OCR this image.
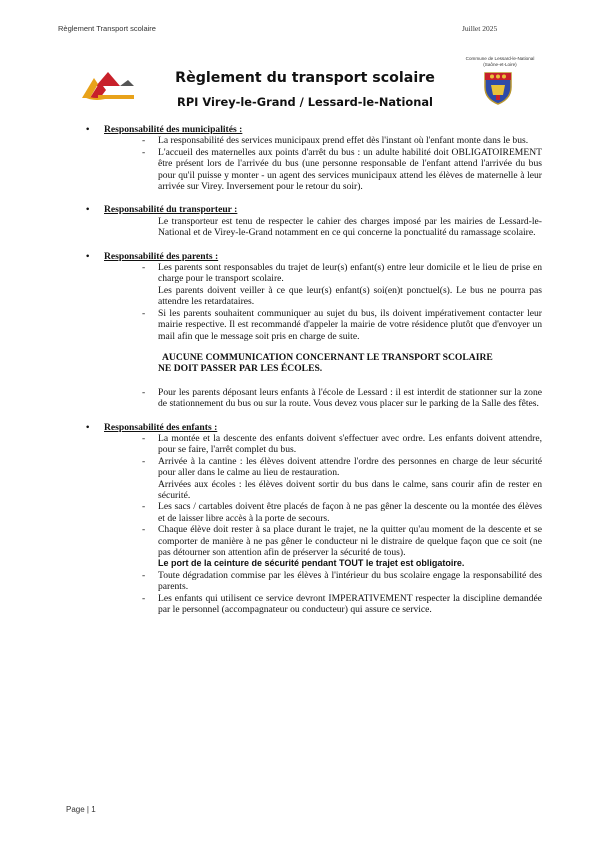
Règlement Transport scolaire	Juillet 2025
Commune de Lessard-le-National (Saône-et-Loire)
Règlement du transport scolaire
RPI Virey-le-Grand / Lessard-le-National
• Responsabilité des municipalités :
- La responsabilité des services municipaux prend effet dès l'instant où l'enfant monte dans le bus.
- L'accueil des maternelles aux points d'arrêt du bus : un adulte habilité doit OBLIGATOIREMENT être présent lors de l'arrivée du bus (une personne responsable de l'enfant attend l'arrivée du bus pour qu'il puisse y monter - un agent des services municipaux attend les élèves de maternelle à leur arrivée sur Virey. Inversement pour le retour du soir).
• Responsabilité du transporteur :
Le transporteur est tenu de respecter le cahier des charges imposé par les mairies de Lessard-le-National et de Virey-le-Grand notamment en ce qui concerne la ponctualité du ramassage scolaire.
• Responsabilité des parents :
- Les parents sont responsables du trajet de leur(s) enfant(s) entre leur domicile et le lieu de prise en charge pour le transport scolaire.
Les parents doivent veiller à ce que leur(s) enfant(s) soi(en)t ponctuel(s). Le bus ne pourra pas attendre les retardataires.
- Si les parents souhaitent communiquer au sujet du bus, ils doivent impérativement contacter leur mairie respective. Il est recommandé d'appeler la mairie de votre résidence plutôt que d'envoyer un mail afin que le message soit pris en charge de suite.
AUCUNE COMMUNICATION CONCERNANT LE TRANSPORT SCOLAIRE
NE DOIT PASSER PAR LES ÉCOLES.
- Pour les parents déposant leurs enfants à l'école de Lessard : il est interdit de stationner sur la zone de stationnement du bus ou sur la route. Vous devez vous placer sur le parking de la Salle des fêtes.
• Responsabilité des enfants :
- La montée et la descente des enfants doivent s'effectuer avec ordre. Les enfants doivent attendre, pour se faire, l'arrêt complet du bus.
- Arrivée à la cantine : les élèves doivent attendre l'ordre des personnes en charge de leur sécurité pour aller dans le calme au lieu de restauration.
Arrivées aux écoles : les élèves doivent sortir du bus dans le calme, sans courir afin de rester en sécurité.
- Les sacs / cartables doivent être placés de façon à ne pas gêner la descente ou la montée des élèves et de laisser libre accès à la porte de secours.
- Chaque élève doit rester à sa place durant le trajet, ne la quitter qu'au moment de la descente et se comporter de manière à ne pas gêner le conducteur ni le distraire de quelque façon que ce soit (ne pas détourner son attention afin de préserver la sécurité de tous).
Le port de la ceinture de sécurité pendant TOUT le trajet est obligatoire.
- Toute dégradation commise par les élèves à l'intérieur du bus scolaire engage la responsabilité des parents.
- Les enfants qui utilisent ce service devront IMPERATIVEMENT respecter la discipline demandée par le personnel (accompagnateur ou conducteur) qui assure ce service.
Page | 1
